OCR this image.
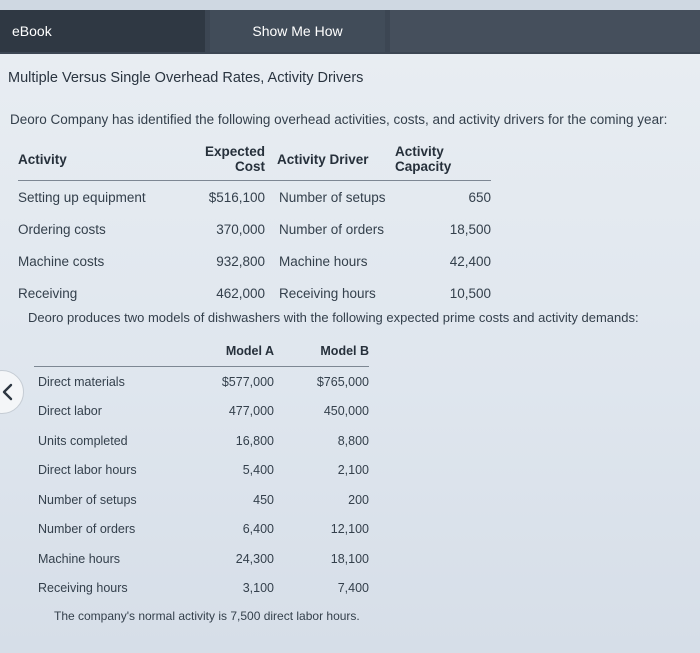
eBook	Show Me How
Multiple Versus Single Overhead Rates, Activity Drivers
Deoro Company has identified the following overhead activities, costs, and activity drivers for the coming year:
Activity	Expected Cost	Activity Driver	Activity Capacity
Setting up equipment	$516,100	Number of setups	650
Ordering costs	370,000	Number of orders	18,500
Machine costs	932,800	Machine hours	42,400
Receiving	462,000	Receiving hours	10,500
Deoro produces two models of dishwashers with the following expected prime costs and activity demands:
	Model A	Model B
Direct materials	$577,000	$765,000
Direct labor	477,000	450,000
Units completed	16,800	8,800
Direct labor hours	5,400	2,100
Number of setups	450	200
Number of orders	6,400	12,100
Machine hours	24,300	18,100
Receiving hours	3,100	7,400
The company's normal activity is 7,500 direct labor hours.
